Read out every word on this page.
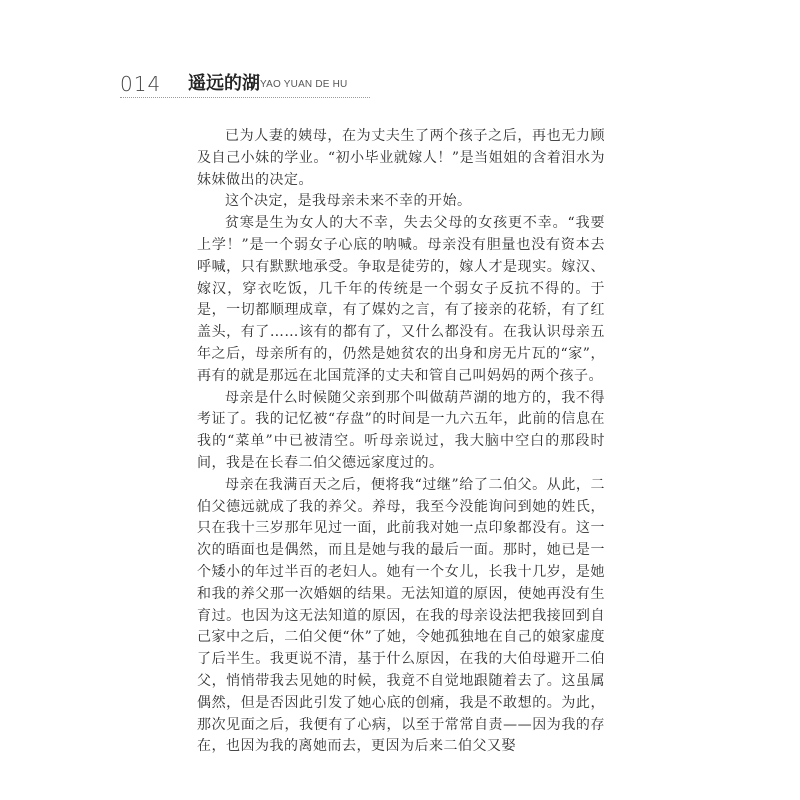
014 遥远的湖 YAO YUAN DE HU

已为人妻的姨母，在为丈夫生了两个孩子之后，再也无力顾及自己小妹的学业。“初小毕业就嫁人！”是当姐姐的含着泪水为妹妹做出的决定。

这个决定，是我母亲未来不幸的开始。

贫寒是生为女人的大不幸，失去父母的女孩更不幸。“我要上学！”是一个弱女子心底的呐喊。母亲没有胆量也没有资本去呼喊，只有默默地承受。争取是徒劳的，嫁人才是现实。嫁汉、嫁汉，穿衣吃饭，几千年的传统是一个弱女子反抗不得的。于是，一切都顺理成章，有了媒妁之言，有了接亲的花轿，有了红盖头，有了……该有的都有了，又什么都没有。在我认识母亲五年之后，母亲所有的，仍然是她贫农的出身和房无片瓦的“家”，再有的就是那远在北国荒泽的丈夫和管自己叫妈妈的两个孩子。

母亲是什么时候随父亲到那个叫做葫芦湖的地方的，我不得考证了。我的记忆被“存盘”的时间是一九六五年，此前的信息在我的“菜单”中已被清空。听母亲说过，我大脑中空白的那段时间，我是在长春二伯父德远家度过的。

母亲在我满百天之后，便将我“过继”给了二伯父。从此，二伯父德远就成了我的养父。养母，我至今没能询问到她的姓氏，只在我十三岁那年见过一面，此前我对她一点印象都没有。这一次的晤面也是偶然，而且是她与我的最后一面。那时，她已是一个矮小的年过半百的老妇人。她有一个女儿，长我十几岁，是她和我的养父那一次婚姻的结果。无法知道的原因，使她再没有生育过。也因为这无法知道的原因，在我的母亲设法把我接回到自己家中之后，二伯父便“休”了她，令她孤独地在自己的娘家虚度了后半生。我更说不清，基于什么原因，在我的大伯母避开二伯父，悄悄带我去见她的时候，我竟不自觉地跟随着去了。这虽属偶然，但是否因此引发了她心底的创痛，我是不敢想的。为此，那次见面之后，我便有了心病，以至于常常自责——因为我的存在，也因为我的离她而去，更因为后来二伯父又娶
